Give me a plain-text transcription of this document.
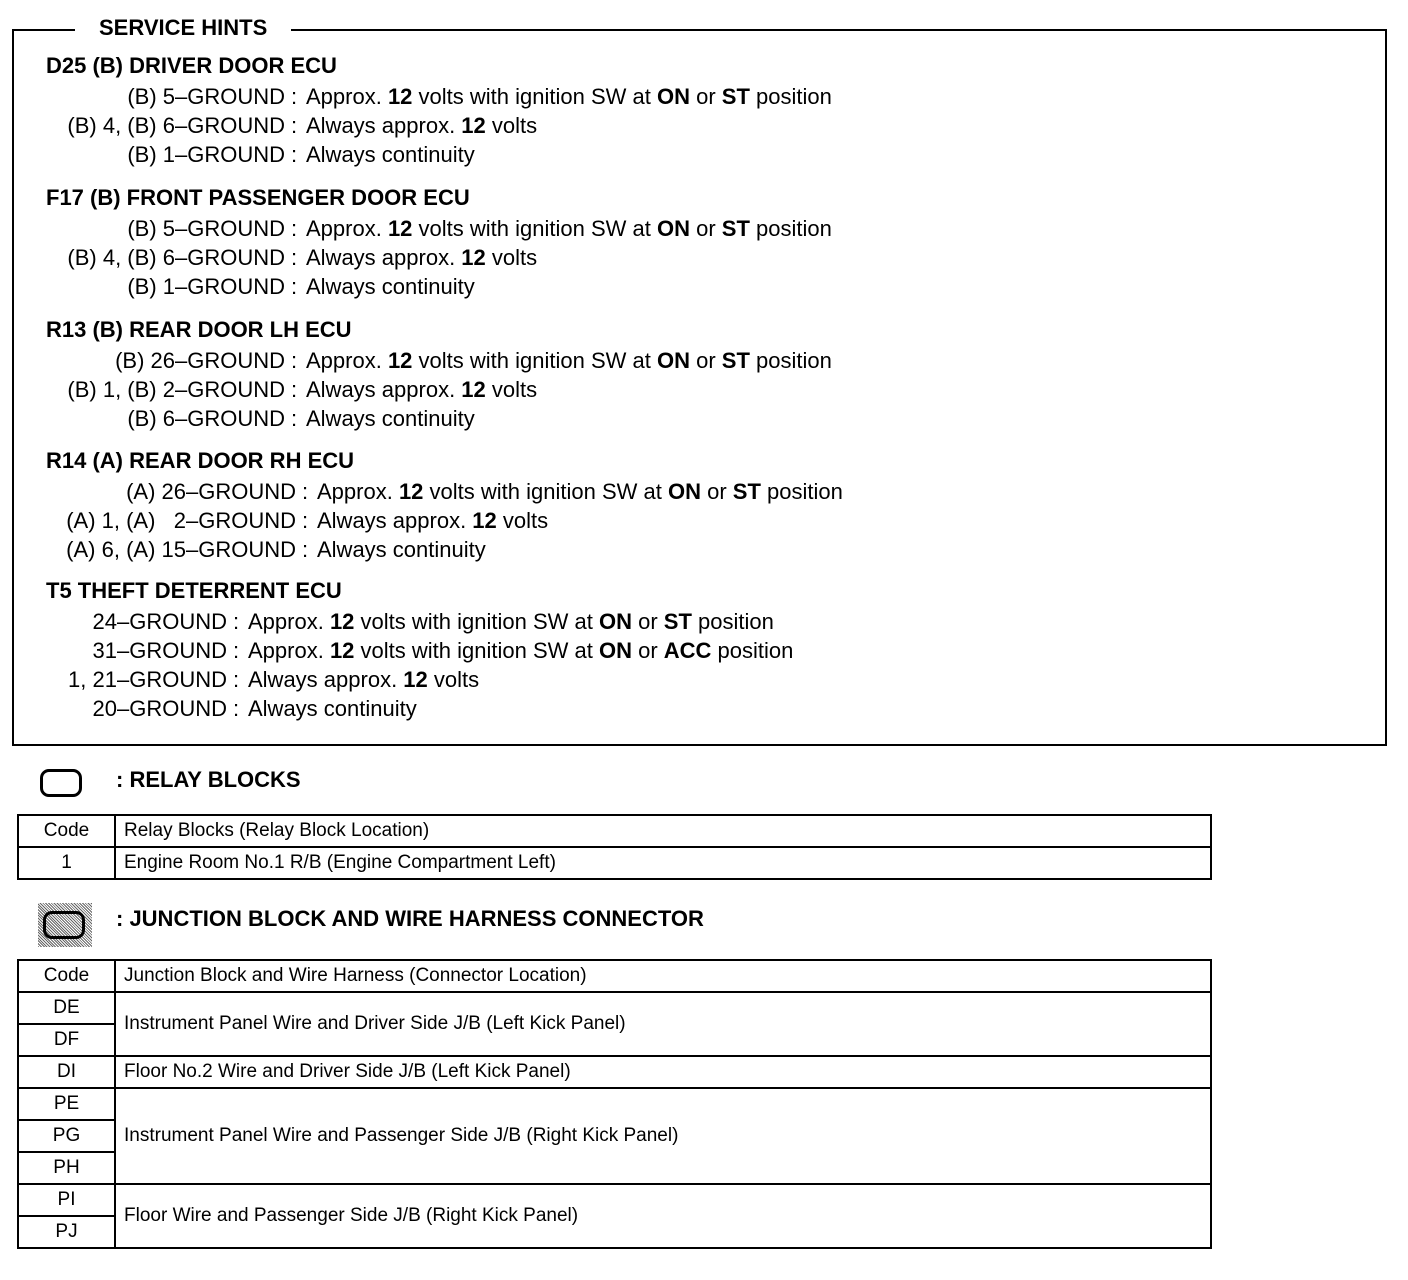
SERVICE HINTS
D25 (B) DRIVER DOOR ECU
(B) 5–GROUND : Approx. 12 volts with ignition SW at ON or ST position
(B) 4, (B) 6–GROUND : Always approx. 12 volts
(B) 1–GROUND : Always continuity
F17 (B) FRONT PASSENGER DOOR ECU
(B) 5–GROUND : Approx. 12 volts with ignition SW at ON or ST position
(B) 4, (B) 6–GROUND : Always approx. 12 volts
(B) 1–GROUND : Always continuity
R13 (B) REAR DOOR LH ECU
(B) 26–GROUND : Approx. 12 volts with ignition SW at ON or ST position
(B) 1, (B) 2–GROUND : Always approx. 12 volts
(B) 6–GROUND : Always continuity
R14 (A) REAR DOOR RH ECU
(A) 26–GROUND : Approx. 12 volts with ignition SW at ON or ST position
(A) 1, (A)   2–GROUND : Always approx. 12 volts
(A) 6, (A) 15–GROUND : Always continuity
T5 THEFT DETERRENT ECU
24–GROUND : Approx. 12 volts with ignition SW at ON or ST position
31–GROUND : Approx. 12 volts with ignition SW at ON or ACC position
1, 21–GROUND : Always approx. 12 volts
20–GROUND : Always continuity
: RELAY BLOCKS
Code	Relay Blocks (Relay Block Location)
1	Engine Room No.1 R/B (Engine Compartment Left)
: JUNCTION BLOCK AND WIRE HARNESS CONNECTOR
Code	Junction Block and Wire Harness (Connector Location)
DE	Instrument Panel Wire and Driver Side J/B (Left Kick Panel)
DF	
DI	Floor No.2 Wire and Driver Side J/B (Left Kick Panel)
PE	Instrument Panel Wire and Passenger Side J/B (Right Kick Panel)
PG	
PH	
PI	Floor Wire and Passenger Side J/B (Right Kick Panel)
PJ	
